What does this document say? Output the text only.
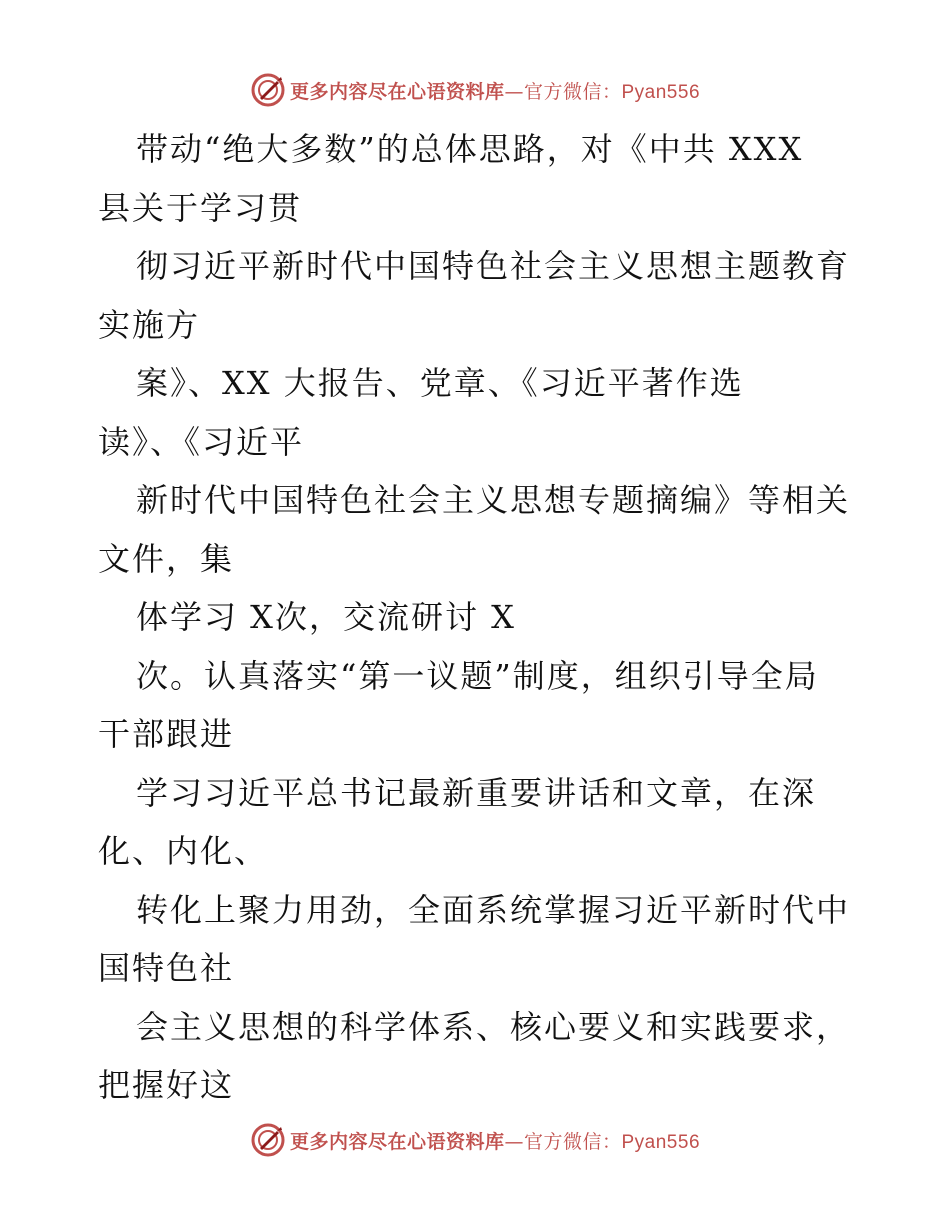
更多内容尽在心语资料库—官方微信：Pyan556
带动“绝大多数”的总体思路，对《中共 XXX
县关于学习贯
彻习近平新时代中国特色社会主义思想主题教育
实施方
案》、XX 大报告、党章、《习近平著作选
读》、《习近平
新时代中国特色社会主义思想专题摘编》等相关
文件，集
体学习 X次，交流研讨 X
次。认真落实“第一议题”制度，组织引导全局
干部跟进
学习习近平总书记最新重要讲话和文章，在深
化、内化、
转化上聚力用劲，全面系统掌握习近平新时代中
国特色社
会主义思想的科学体系、核心要义和实践要求，
把握好这
更多内容尽在心语资料库—官方微信：Pyan556
